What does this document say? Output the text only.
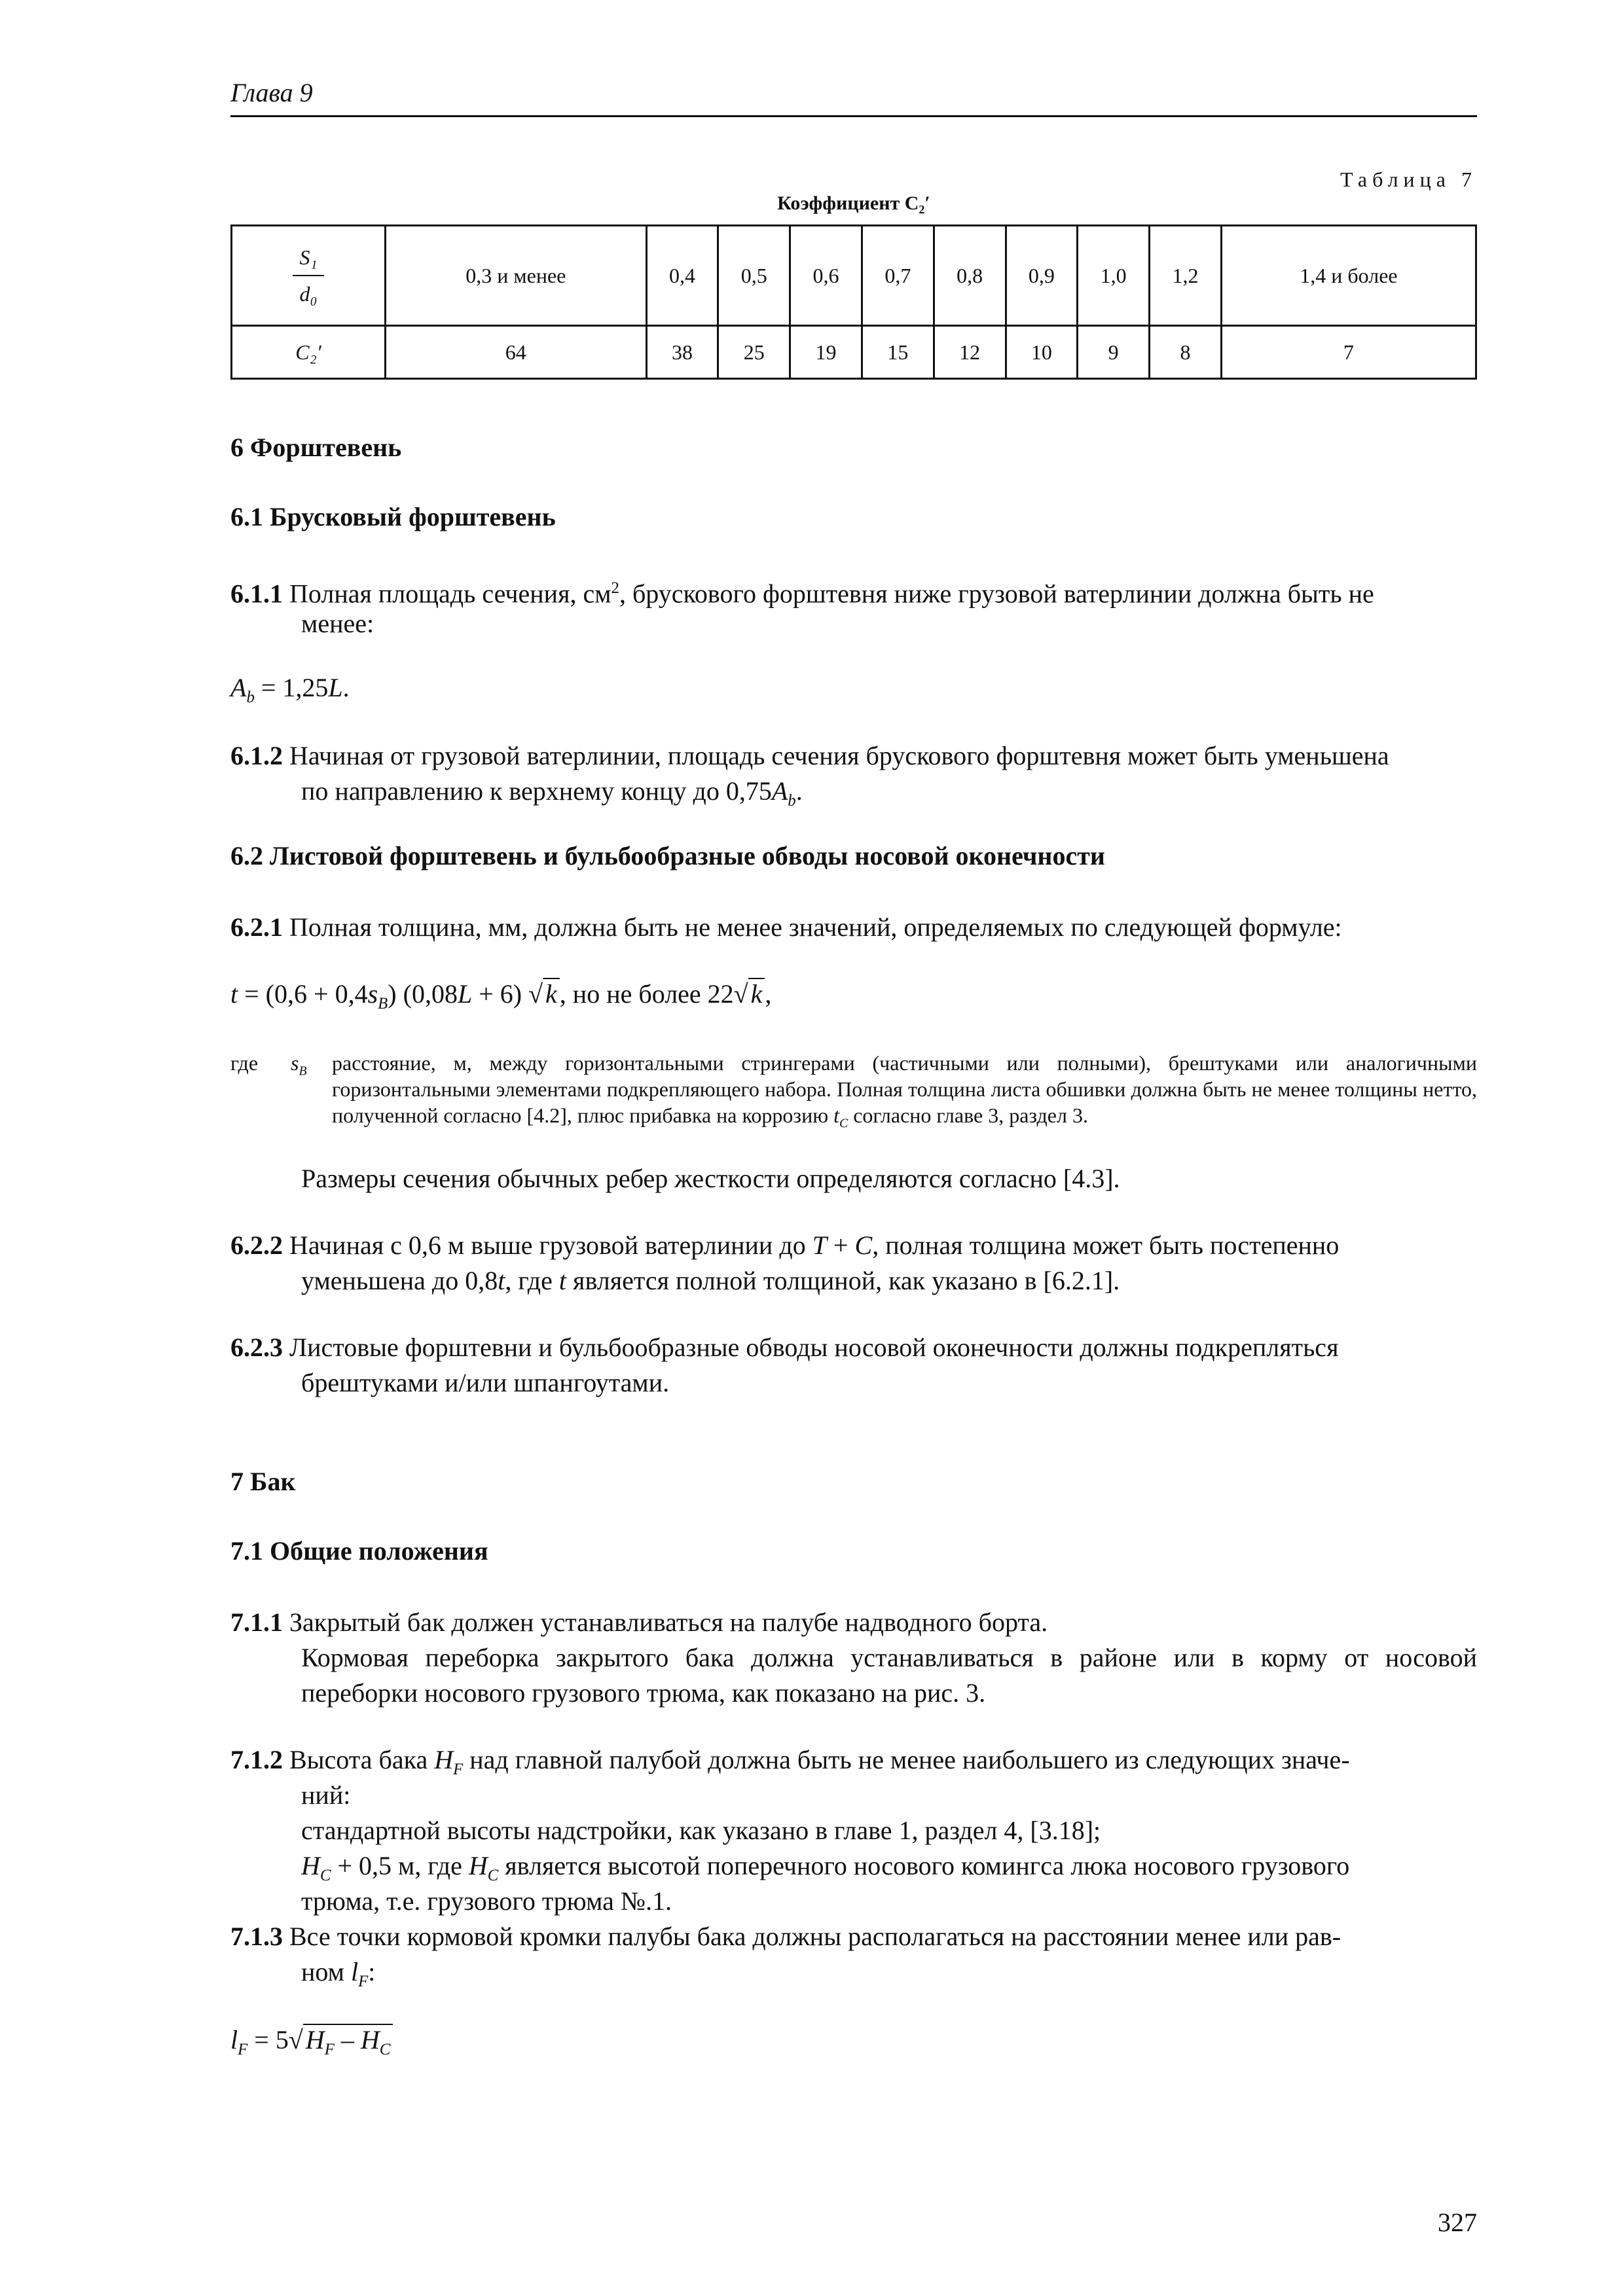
Глава 9
Таблица 7
Коэффициент C₂′
$\frac{\text{S₁}}{\text{d₀}}$	0,3 и менее	0,4	0,5	0,6	0,7	0,8	0,9	1,0	1,2	1,4 и более
C₂′	64	38	25	19	15	12	10	9	8	7
6 Форштевень
6.1 Брусковый форштевень
6.1.1 Полная площадь сечения, $см^2$, брускового форштевня ниже грузовой ватерлинии должна быть не
менее:
$A_b = 1,25L$.
6.1.2 Начиная от грузовой ватерлинии, площадь сечения брускового форштевня может быть уменьшена
по направлению к верхнему концу до $0,75A_b$.
6.2 Листовой форштевень и бульбообразные обводы носовой оконечности
6.2.1 Полная толщина, мм, должна быть не менее значений, определяемых по следующей формуле:
$t = (0,6 + 0,4s_B)$ (0,08L + 6) √ k , но не более 22√ k ,
где $s_B$ расстояние, м, между горизонтальными стрингерами (частичными или полными), брештуками или аналогичными горизонтальными элементами подкрепляющего набора. Полная толщина листа обшивки должна быть не менее толщины нетто, полученной согласно [4.2], плюс прибавка на коррозию $t_C$ согласно главе 3, раздел 3.
Размеры сечения обычных ребер жесткости определяются согласно [4.3].
6.2.2 Начиная с 0,6 м выше грузовой ватерлинии до T + C, полная толщина может быть постепенно
уменьшена до 0,8t, где t является полной толщиной, как указано в [6.2.1].
6.2.3 Листовые форштевни и бульбообразные обводы носовой оконечности должны подкрепляться
брештуками и/или шпангоутами.
7 Бак
7.1 Общие положения
7.1.1 Закрытый бак должен устанавливаться на палубе надводного борта.
Кормовая переборка закрытого бака должна устанавливаться в районе или в корму от носовой переборки носового грузового трюма, как показано на рис. 3.
7.1.2 Высота бака $H_F$ над главной палубой должна быть не менее наибольшего из следующих значе-
ний:
стандартной высоты надстройки, как указано в главе 1, раздел 4, [3.18];
$H_C + 0,5$ м, где $H_C$ является высотой поперечного носового комингса люка носового грузового
трюма, т.е. грузового трюма №.1.
7.1.3 Все точки кормовой кромки палубы бака должны располагаться на расстоянии менее или рав-
ном $l_F$:
$l_F = 5√$ $H_F - H_C$
327
